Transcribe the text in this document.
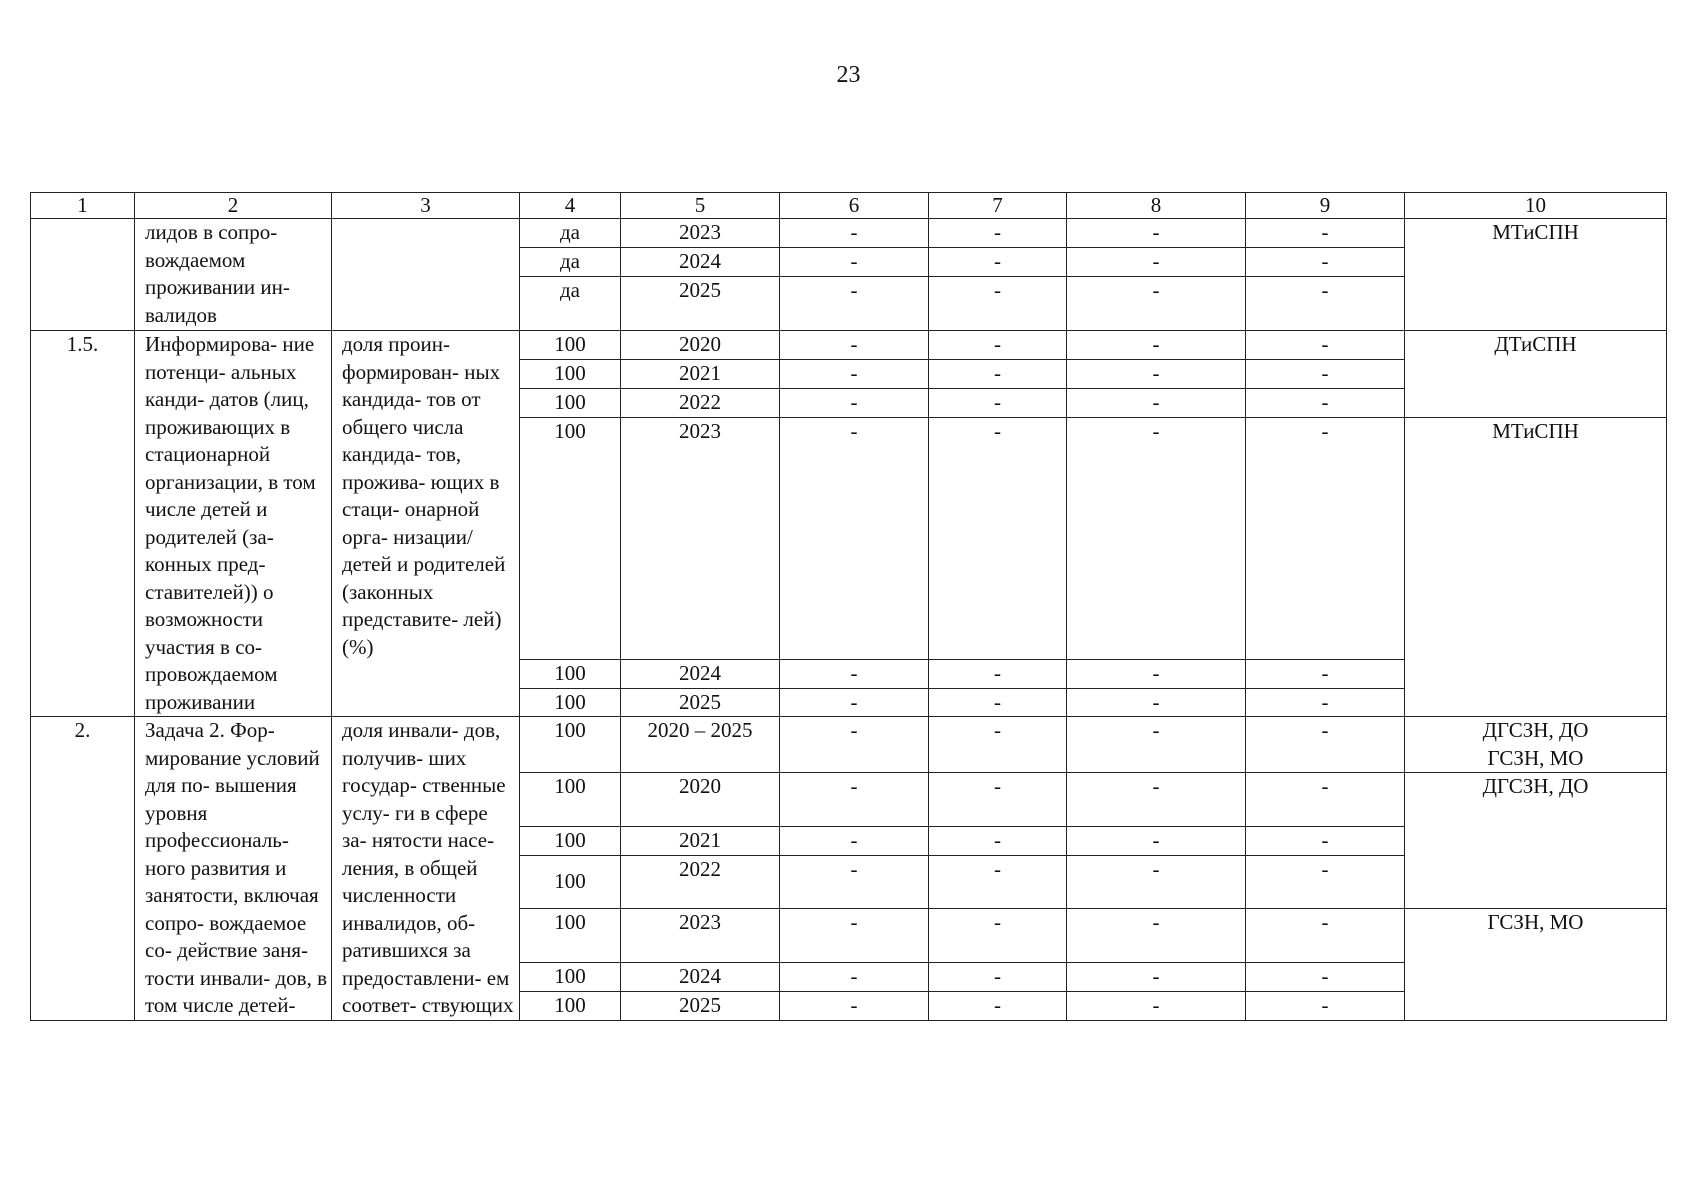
23
1	2	3	4	5	6	7	8	9	10
	лидов в сопро- вождаемом проживании ин- валидов		да	2023	-	-	-	-	МТиСПН
			да	2024	-	-	-	-	
			да	2025	-	-	-	-	
1.5.	Информирова- ние потенци- альных канди- датов (лиц, проживающих в стационарной организации, в том числе детей и родителей (за- конных пред- ставителей)) о возможности участия в со- провождаемом проживании	доля проин- формирован- ных кандида- тов от общего числа кандида- тов, прожива- ющих в стаци- онарной орга- низации/детей и родителей (законных представите- лей) (%)	100	2020	-	-	-	-	ДТиСПН
			100	2021	-	-	-	-	
			100	2022	-	-	-	-	
			100	2023	-	-	-	-	МТиСПН
			100	2024	-	-	-	-	
			100	2025	-	-	-	-	
2.	Задача 2. Фор- мирование условий для по- вышения уровня профессиональ- ного развития и занятости, включая сопро- вождаемое со- действие заня- тости инвали- дов, в том числе детей-	доля инвали- дов, получив- ших государ- ственные услу- ги в сфере за- нятости насе- ления, в общей численности инвалидов, об- ратившихся за предоставлени- ем соответ- ствующих	100	2020 – 2025	-	-	-	-	ДГСЗН, ДО ГСЗН, МО
			100	2020	-	-	-	-	ДГСЗН, ДО
			100	2021	-	-	-	-	
			100	2022	-	-	-	-	
			100	2023	-	-	-	-	ГСЗН, МО
			100	2024	-	-	-	-	
			100	2025	-	-	-	-	
